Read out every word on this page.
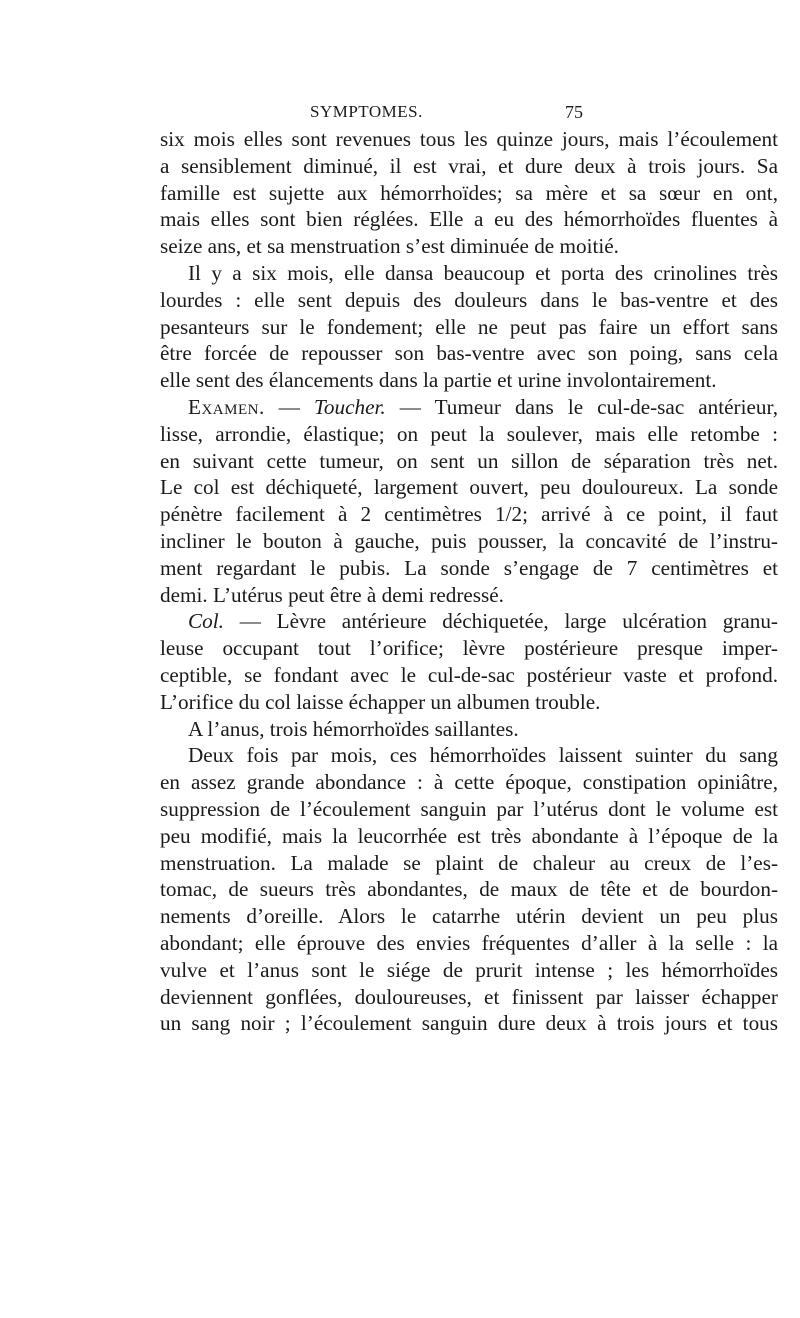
SYMPTOMES.	75
six mois elles sont revenues tous les quinze jours, mais l’écoulement
a sensiblement diminué, il est vrai, et dure deux à trois jours. Sa
famille est sujette aux hémorrhoïdes; sa mère et sa sœur en ont,
mais elles sont bien réglées. Elle a eu des hémorrhoïdes fluentes à
seize ans, et sa menstruation s’est diminuée de moitié.
Il y a six mois, elle dansa beaucoup et porta des crinolines très
lourdes : elle sent depuis des douleurs dans le bas-ventre et des
pesanteurs sur le fondement; elle ne peut pas faire un effort sans
être forcée de repousser son bas-ventre avec son poing, sans cela
elle sent des élancements dans la partie et urine involontairement.
Examen. — Toucher. — Tumeur dans le cul-de-sac antérieur,
lisse, arrondie, élastique; on peut la soulever, mais elle retombe :
en suivant cette tumeur, on sent un sillon de séparation très net.
Le col est déchiqueté, largement ouvert, peu douloureux. La sonde
pénètre facilement à 2 centimètres 1/2; arrivé à ce point, il faut
incliner le bouton à gauche, puis pousser, la concavité de l’instru-
ment regardant le pubis. La sonde s’engage de 7 centimètres et
demi. L’utérus peut être à demi redressé.
Col. — Lèvre antérieure déchiquetée, large ulcération granu-
leuse occupant tout l’orifice; lèvre postérieure presque imper-
ceptible, se fondant avec le cul-de-sac postérieur vaste et profond.
L’orifice du col laisse échapper un albumen trouble.
A l’anus, trois hémorrhoïdes saillantes.
Deux fois par mois, ces hémorrhoïdes laissent suinter du sang
en assez grande abondance : à cette époque, constipation opiniâtre,
suppression de l’écoulement sanguin par l’utérus dont le volume est
peu modifié, mais la leucorrhée est très abondante à l’époque de la
menstruation. La malade se plaint de chaleur au creux de l’es-
tomac, de sueurs très abondantes, de maux de tête et de bourdon-
nements d’oreille. Alors le catarrhe utérin devient un peu plus
abondant; elle éprouve des envies fréquentes d’aller à la selle : la
vulve et l’anus sont le siége de prurit intense ; les hémorrhoïdes
deviennent gonflées, douloureuses, et finissent par laisser échapper
un sang noir ; l’écoulement sanguin dure deux à trois jours et tous
